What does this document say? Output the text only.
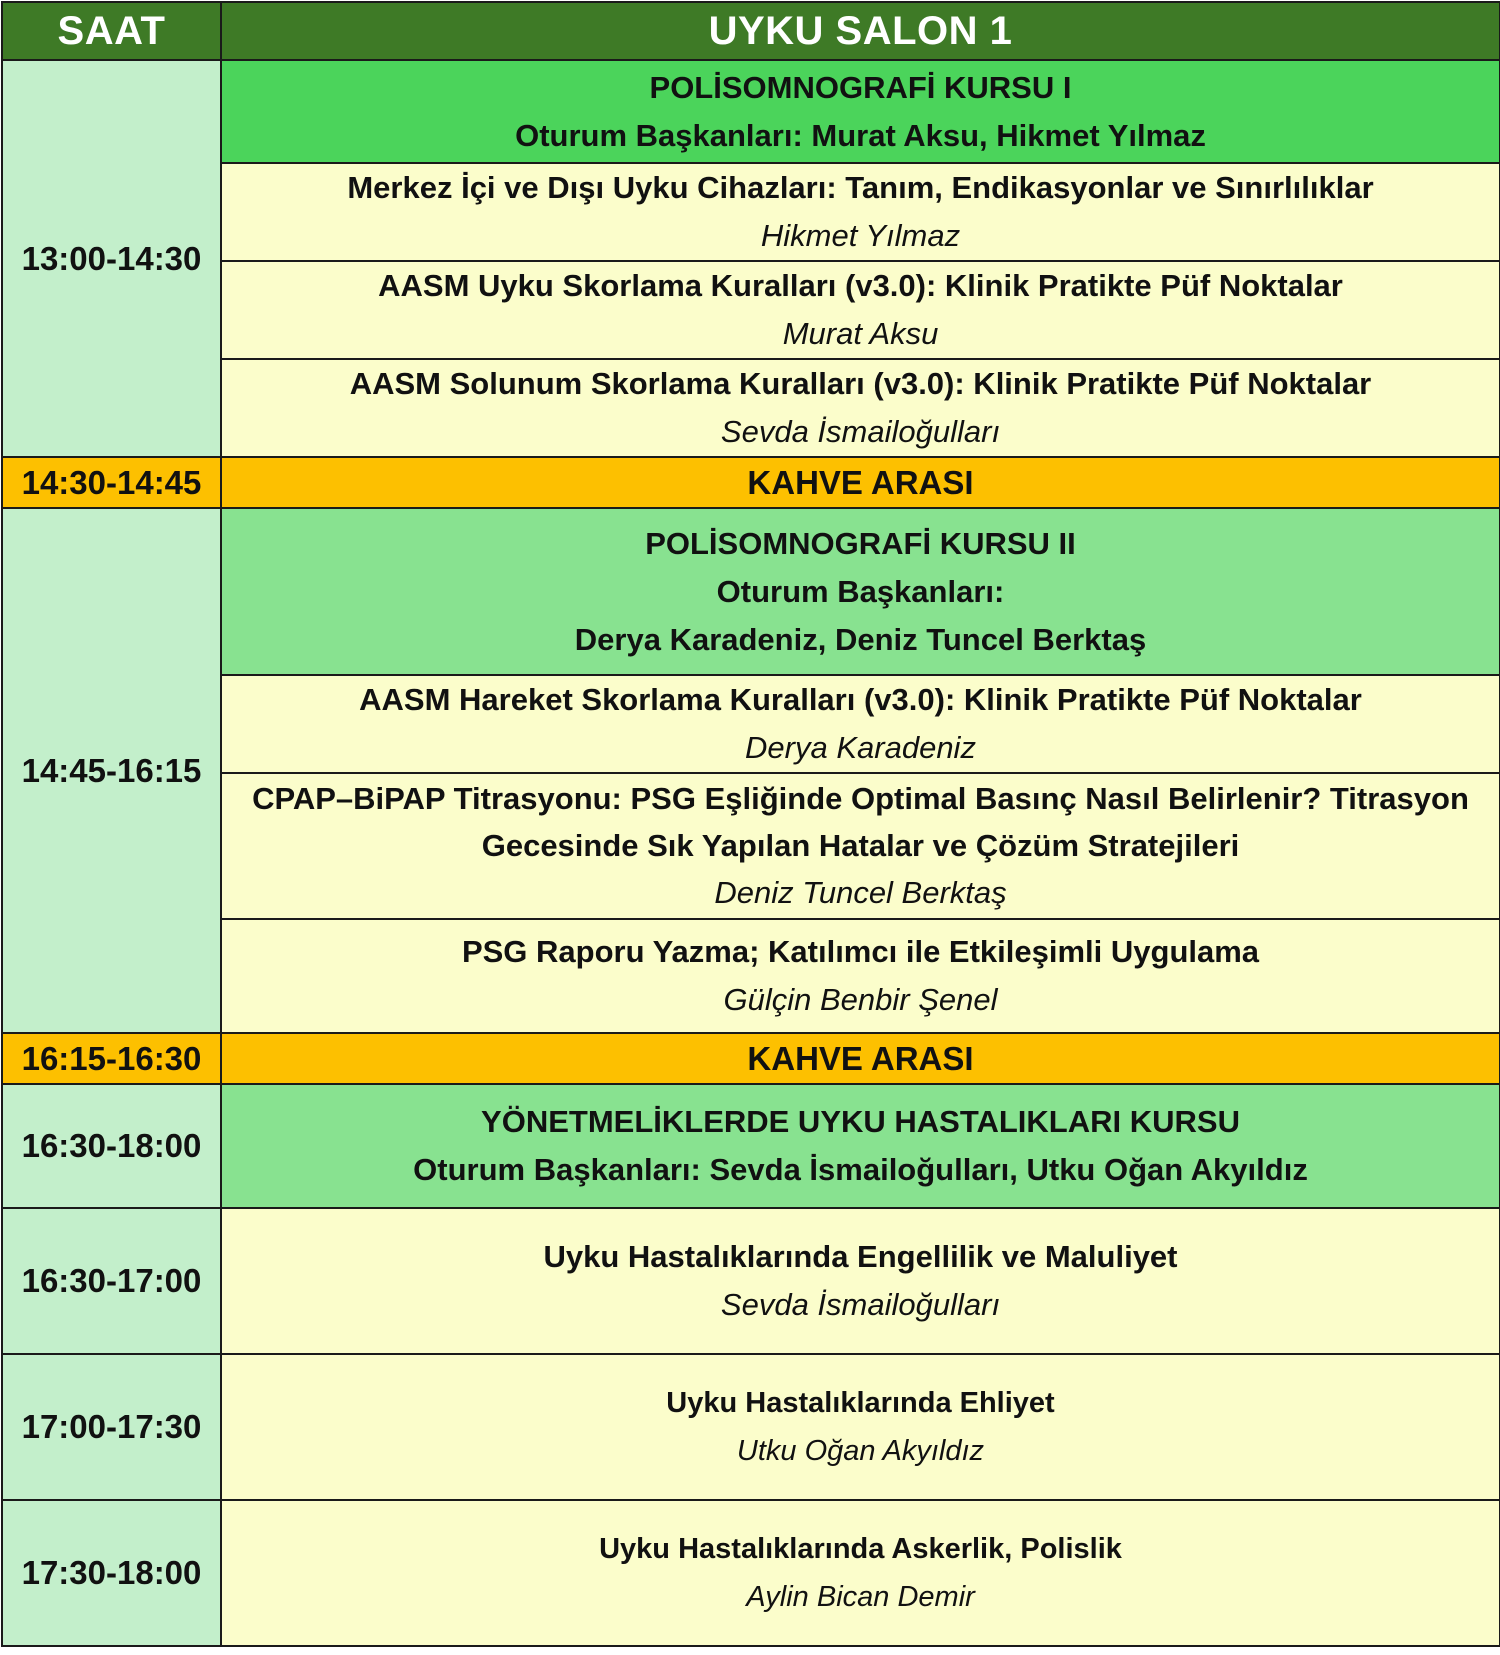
SAAT	UYKU SALON 1
13:00-14:30	POLİSOMNOGRAFİ KURSU I
Oturum Başkanları: Murat Aksu, Hikmet Yılmaz

	Merkez İçi ve Dışı Uyku Cihazları: Tanım, Endikasyonlar ve Sınırlılıklar
Hikmet Yılmaz

	AASM Uyku Skorlama Kuralları (v3.0): Klinik Pratikte Püf Noktalar
Murat Aksu

	AASM Solunum Skorlama Kuralları (v3.0): Klinik Pratikte Püf Noktalar
Sevda İsmailoğulları

14:30-14:45	KAHVE ARASI
14:45-16:15	POLİSOMNOGRAFİ KURSU II
Oturum Başkanları:
Derya Karadeniz, Deniz Tuncel Berktaş

	AASM Hareket Skorlama Kuralları (v3.0): Klinik Pratikte Püf Noktalar
Derya Karadeniz

	CPAP–BiPAP Titrasyonu: PSG Eşliğinde Optimal Basınç Nasıl Belirlenir? Titrasyon Gecesinde Sık Yapılan Hatalar ve Çözüm Stratejileri
Deniz Tuncel Berktaş

	PSG Raporu Yazma; Katılımcı ile Etkileşimli Uygulama
Gülçin Benbir Şenel

16:15-16:30	KAHVE ARASI
16:30-18:00	YÖNETMELİKLERDE UYKU HASTALIKLARI KURSU
Oturum Başkanları: Sevda İsmailoğulları, Utku Oğan Akyıldız

16:30-17:00	Uyku Hastalıklarında Engellilik ve Maluliyet
Sevda İsmailoğulları

17:00-17:30	Uyku Hastalıklarında Ehliyet
Utku Oğan Akyıldız

17:30-18:00	Uyku Hastalıklarında Askerlik, Polislik
Aylin Bican Demir
